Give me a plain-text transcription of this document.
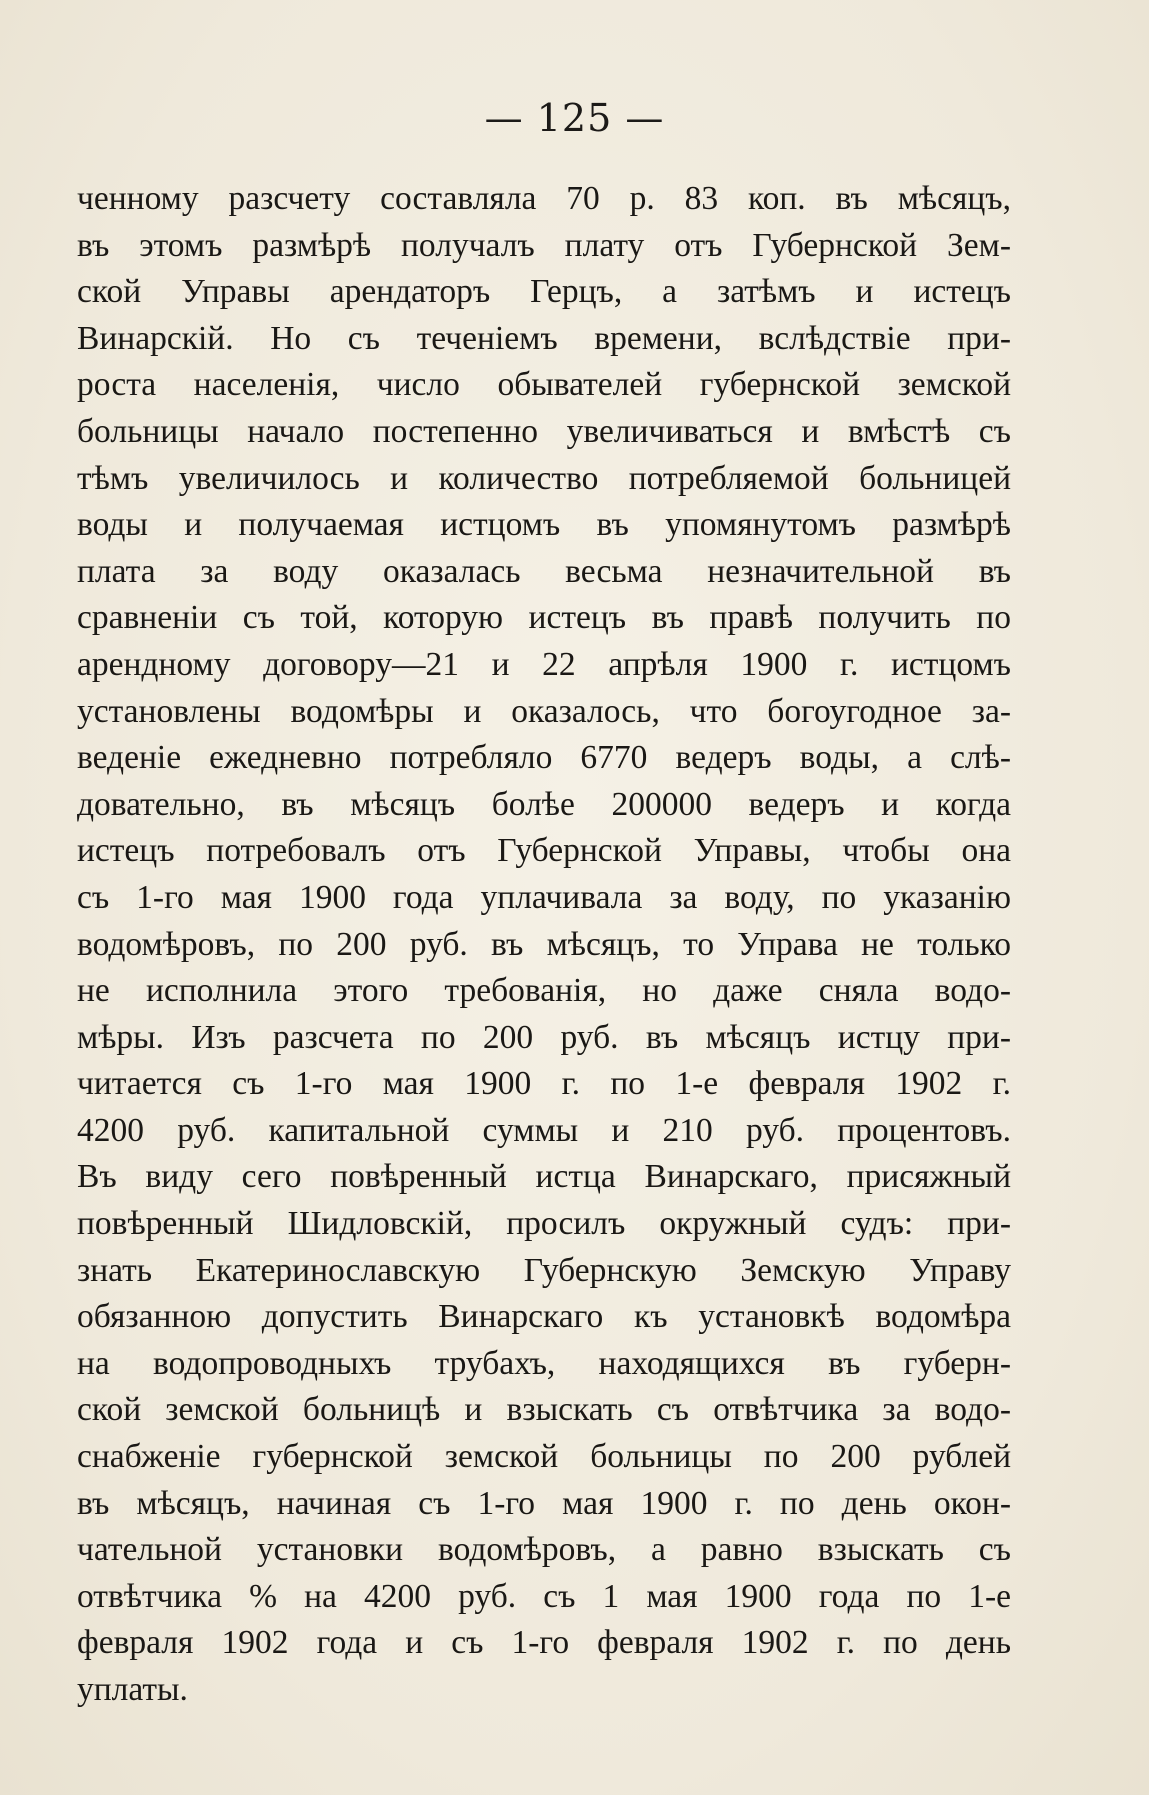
— 125 —
ченному разсчету составляла 70 р. 83 коп. въ мѣсяцъ,
въ этомъ размѣрѣ получалъ плату отъ Губернской Зем-
ской Управы арендаторъ Герцъ, а затѣмъ и истецъ
Винарскій. Но съ теченіемъ времени, вслѣдствіе при-
роста населенія, число обывателей губернской земской
больницы начало постепенно увеличиваться и вмѣстѣ съ
тѣмъ увеличилось и количество потребляемой больницей
воды и получаемая истцомъ въ упомянутомъ размѣрѣ
плата за воду оказалась весьма незначительной въ
сравненіи съ той, которую истецъ въ правѣ получить по
арендному договору—21 и 22 апрѣля 1900 г. истцомъ
установлены водомѣры и оказалось, что богоугодное за-
веденіе ежедневно потребляло 6770 ведеръ воды, а слѣ-
довательно, въ мѣсяцъ болѣе 200000 ведеръ и когда
истецъ потребовалъ отъ Губернской Управы, чтобы она
съ 1-го мая 1900 года уплачивала за воду, по указанію
водомѣровъ, по 200 руб. въ мѣсяцъ, то Управа не только
не исполнила этого требованія, но даже сняла водо-
мѣры. Изъ разсчета по 200 руб. въ мѣсяцъ истцу при-
читается съ 1-го мая 1900 г. по 1-е февраля 1902 г.
4200 руб. капитальной суммы и 210 руб. процентовъ.
Въ виду сего повѣренный истца Винарскаго, присяжный
повѣренный Шидловскій, просилъ окружный судъ: при-
знать Екатеринославскую Губернскую Земскую Управу
обязанною допустить Винарскаго къ установкѣ водомѣра
на водопроводныхъ трубахъ, находящихся въ губерн-
ской земской больницѣ и взыскать съ отвѣтчика за водо-
снабженіе губернской земской больницы по 200 рублей
въ мѣсяцъ, начиная съ 1-го мая 1900 г. по день окон-
чательной установки водомѣровъ, а равно взыскать съ
отвѣтчика % на 4200 руб. съ 1 мая 1900 года по 1-е
февраля 1902 года и съ 1-го февраля 1902 г. по день
уплаты.
